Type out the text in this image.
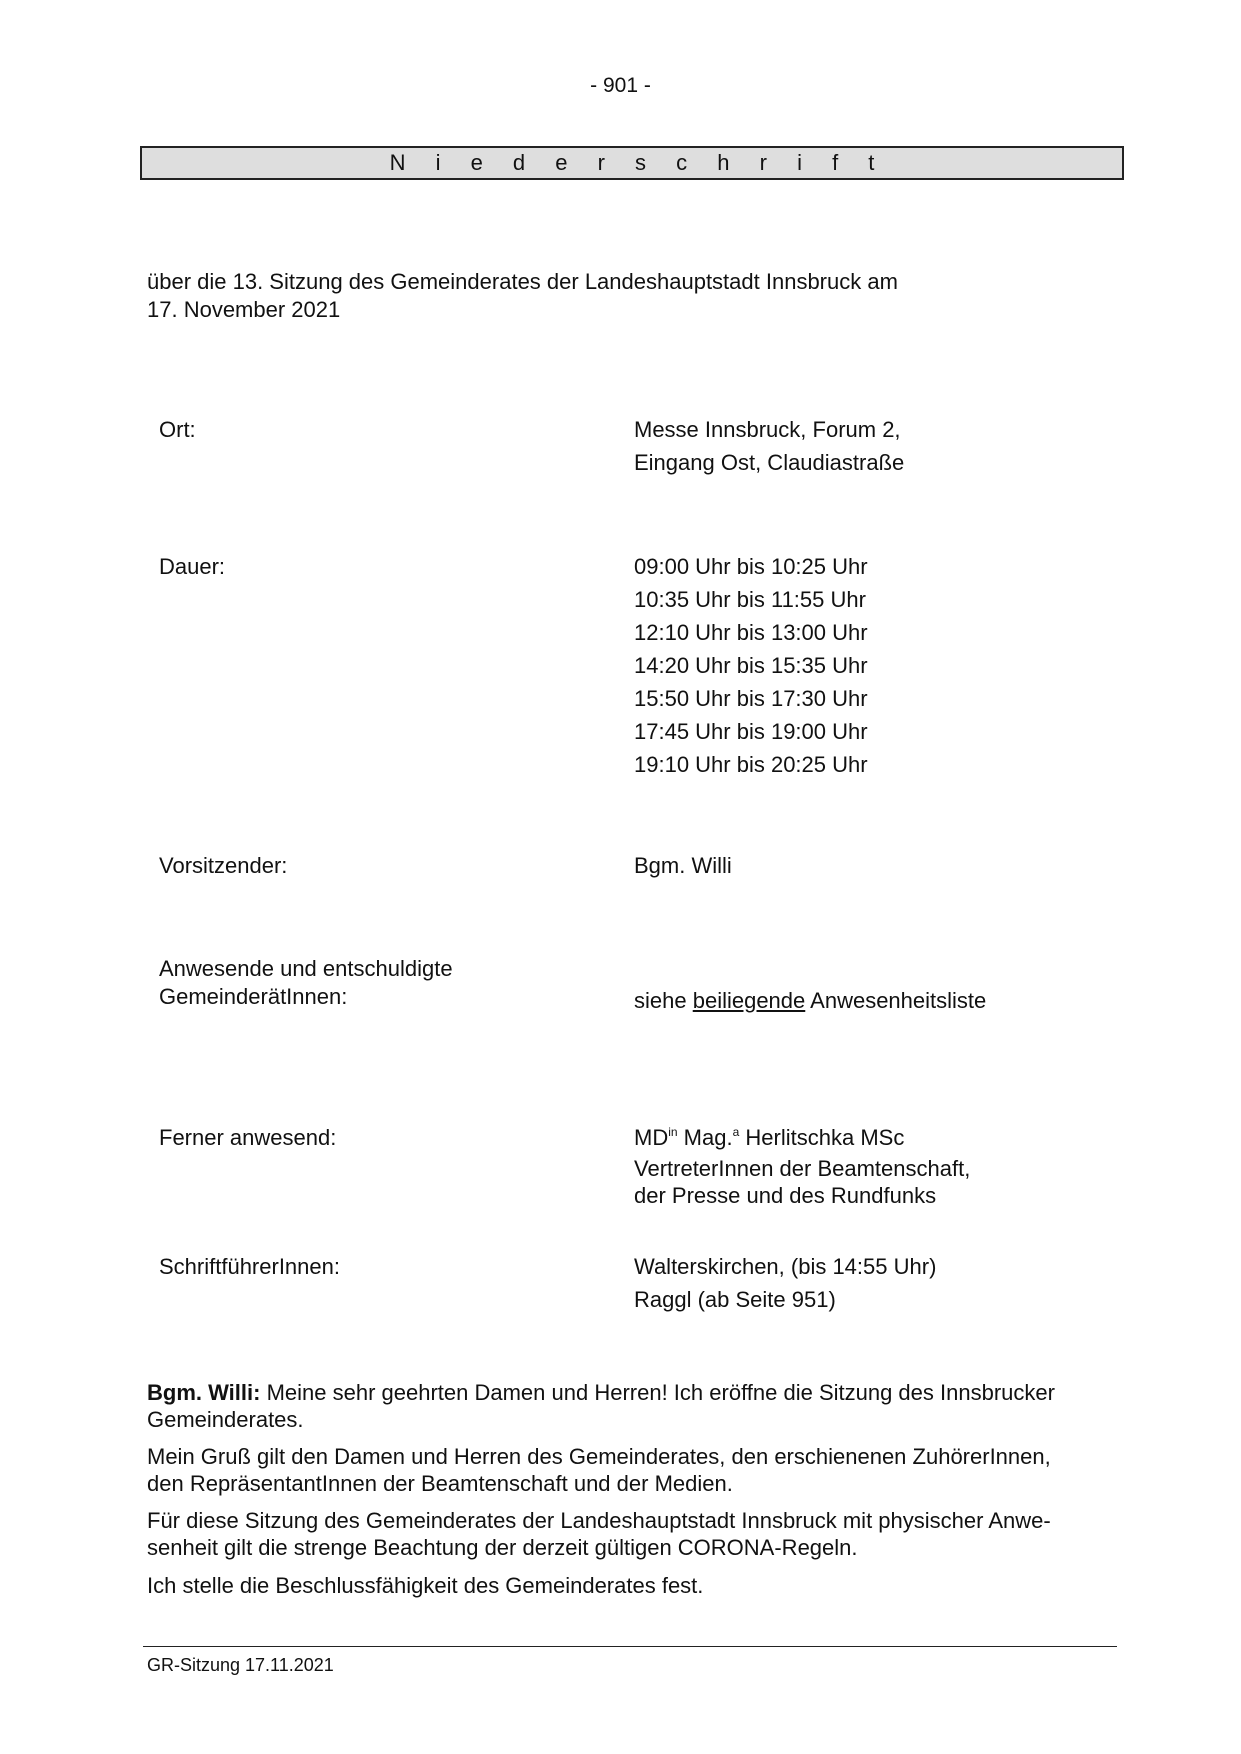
- 901 -
N i e d e r s c h r i f t
über die 13. Sitzung des Gemeinderates der Landeshauptstadt Innsbruck am
17. November 2021
Ort:	Messe Innsbruck, Forum 2,
Eingang Ost, Claudiastraße
Dauer:	09:00 Uhr bis 10:25 Uhr
10:35 Uhr bis 11:55 Uhr
12:10 Uhr bis 13:00 Uhr
14:20 Uhr bis 15:35 Uhr
15:50 Uhr bis 17:30 Uhr
17:45 Uhr bis 19:00 Uhr
19:10 Uhr bis 20:25 Uhr
Vorsitzender:	Bgm. Willi
Anwesende und entschuldigte
GemeinderätInnen:	siehe beiliegende Anwesenheitsliste
Ferner anwesend:	$MD^{in}$ Mag.$^a$ Herlitschka MSc
VertreterInnen der Beamtenschaft,
der Presse und des Rundfunks
SchriftführerInnen:	Walterskirchen, (bis 14:55 Uhr)
Raggl (ab Seite 951)
Bgm. Willi: Meine sehr geehrten Damen und Herren! Ich eröffne die Sitzung des Innsbrucker
Gemeinderates.
Mein Gruß gilt den Damen und Herren des Gemeinderates, den erschienenen ZuhörerInnen,
den RepräsentantInnen der Beamtenschaft und der Medien.
Für diese Sitzung des Gemeinderates der Landeshauptstadt Innsbruck mit physischer Anwe-
senheit gilt die strenge Beachtung der derzeit gültigen CORONA-Regeln.
Ich stelle die Beschlussfähigkeit des Gemeinderates fest.
GR-Sitzung 17.11.2021
